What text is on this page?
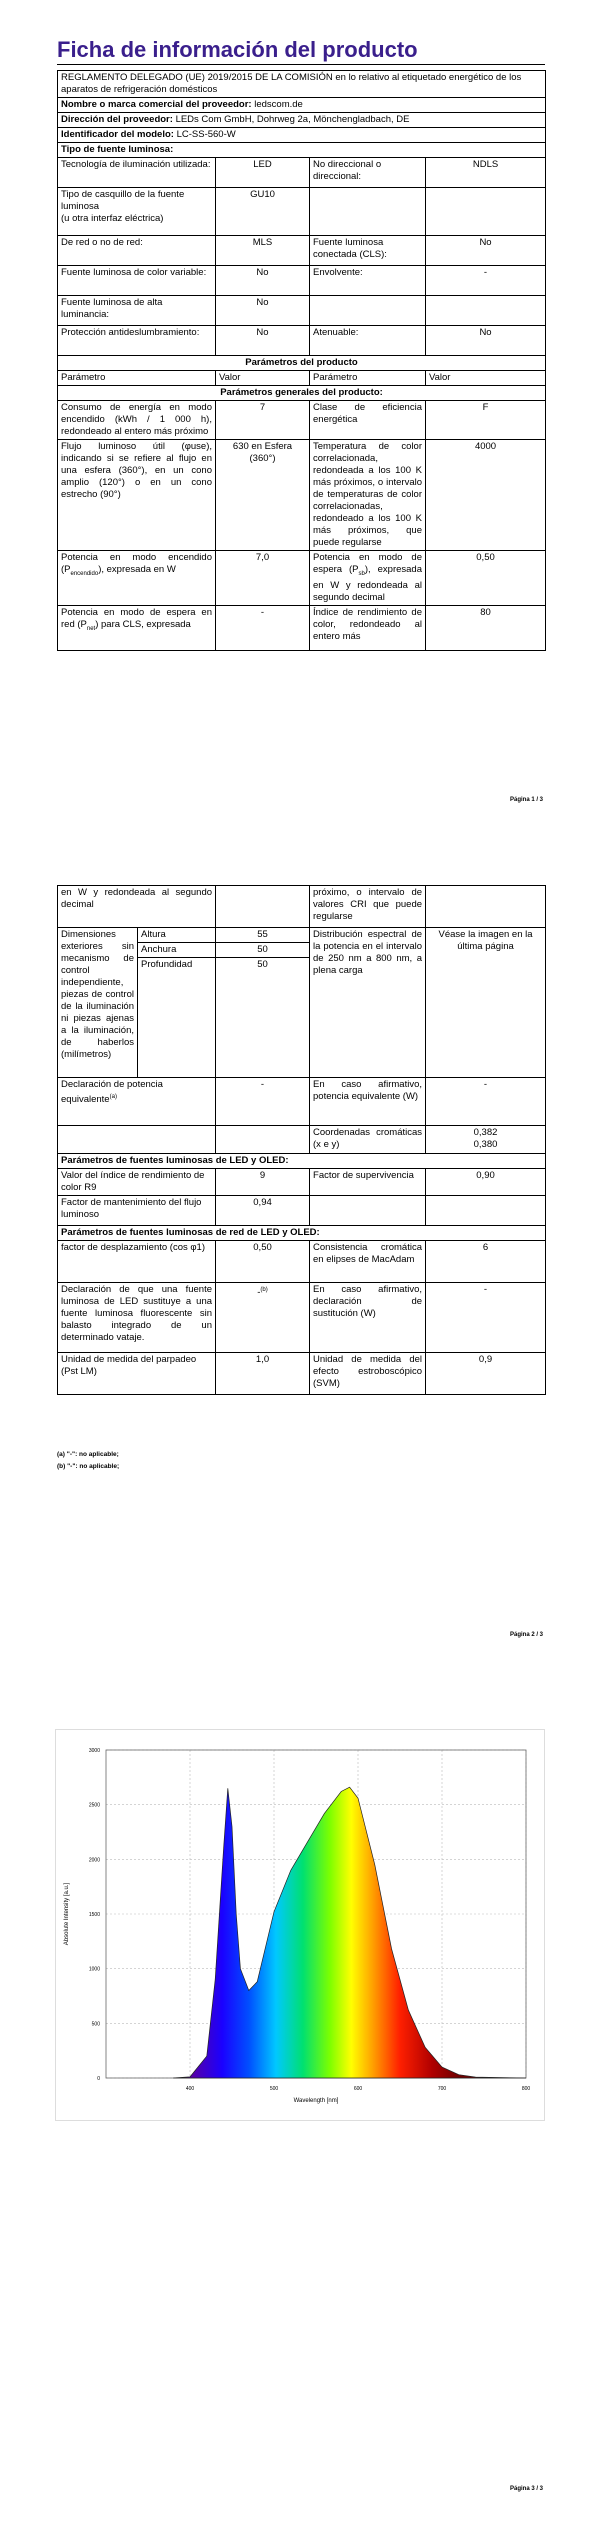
Ficha de información del producto
REGLAMENTO DELEGADO (UE) 2019/2015 DE LA COMISIÓN en lo relativo al etiquetado energético de los aparatos de refrigeración domésticos			
Nombre o marca comercial del proveedor: ledscom.de			
Dirección del proveedor: LEDs Com GmbH, Dohrweg 2a, Mönchengladbach, DE			
Identificador del modelo: LC-SS-560-W			
Tipo de fuente luminosa:			
Tecnología de iluminación utilizada:	LED	No direccional o direccional:	NDLS
Tipo de casquillo de la fuente luminosa
(u otra interfaz eléctrica)	GU10		
De red o no de red:	MLS	Fuente luminosa conectada (CLS):	No
Fuente luminosa de color variable:	No	Envolvente:	-
Fuente luminosa de alta luminancia:	No		
Protección antideslumbramiento:	No	Atenuable:	No
Parámetros del producto			
Parámetro	Valor	Parámetro	Valor
Parámetros generales del producto:			
Consumo de energía en modo encendido (kWh / 1 000 h), redondeado al entero más próximo	7	Clase de eficiencia energética	F
Flujo luminoso útil (φuse), indicando si se refiere al flujo en una esfera (360°), en un cono amplio (120°) o en un cono estrecho (90°)	630 en Esfera (360°)	Temperatura de color correlacionada, redondeada a los 100 K más próximos, o intervalo de temperaturas de color correlacionadas, redondeado a los 100 K más próximos, que puede regularse	4000
Potencia en modo encendido $(P_{encendido})$, expresada en W	7,0	Potencia en modo de espera $(P_{sb})$, expresada en W y redondeada al segundo decimal	0,50
Potencia en modo de espera en red $(P_{net})$ para CLS, expresada	-	Índice de rendimiento de color, redondeado al entero más	80
Página 1 / 3
en W y redondeada al segundo decimal			próximo, o intervalo de valores CRI que puede regularse	
Dimensiones exteriores sin mecanismo de control independiente, piezas de control de la iluminación ni piezas ajenas a la iluminación, de haberlos (milímetros)	Altura	55	Distribución espectral de la potencia en el intervalo de 250 nm a 800 nm, a plena carga	Véase la imagen en la última página
	Anchura	50		
	Profundidad	50		
Declaración de potencia equivalente$^{(a)}$		-	En caso afirmativo, potencia equivalente (W)	-
			Coordenadas cromáticas (x e y)	0,382
0,380
Parámetros de fuentes luminosas de LED y OLED:				
Valor del índice de rendimiento de color R9		9	Factor de supervivencia	0,90
Factor de mantenimiento del flujo luminoso		0,94		
Parámetros de fuentes luminosas de red de LED y OLED:				
factor de desplazamiento (cos φ1)		0,50	Consistencia cromática en elipses de MacAdam	6
Declaración de que una fuente luminosa de LED sustituye a una fuente luminosa fluorescente sin balasto integrado de un determinado vataje.		-$^{(b)}$	En caso afirmativo, declaración de sustitución (W)	-
Unidad de medida del parpadeo (Pst LM)		1,0	Unidad de medida del efecto estroboscópico (SVM)	0,9
(a) "-": no aplicable;
(b) "-": no aplicable;
Página 2 / 3
400	500	600	700	800
0
500
1000
1500
2000
2500
3000
Wavelength [nm]
Absolute Intensity [a.u.]
Página 3 / 3
